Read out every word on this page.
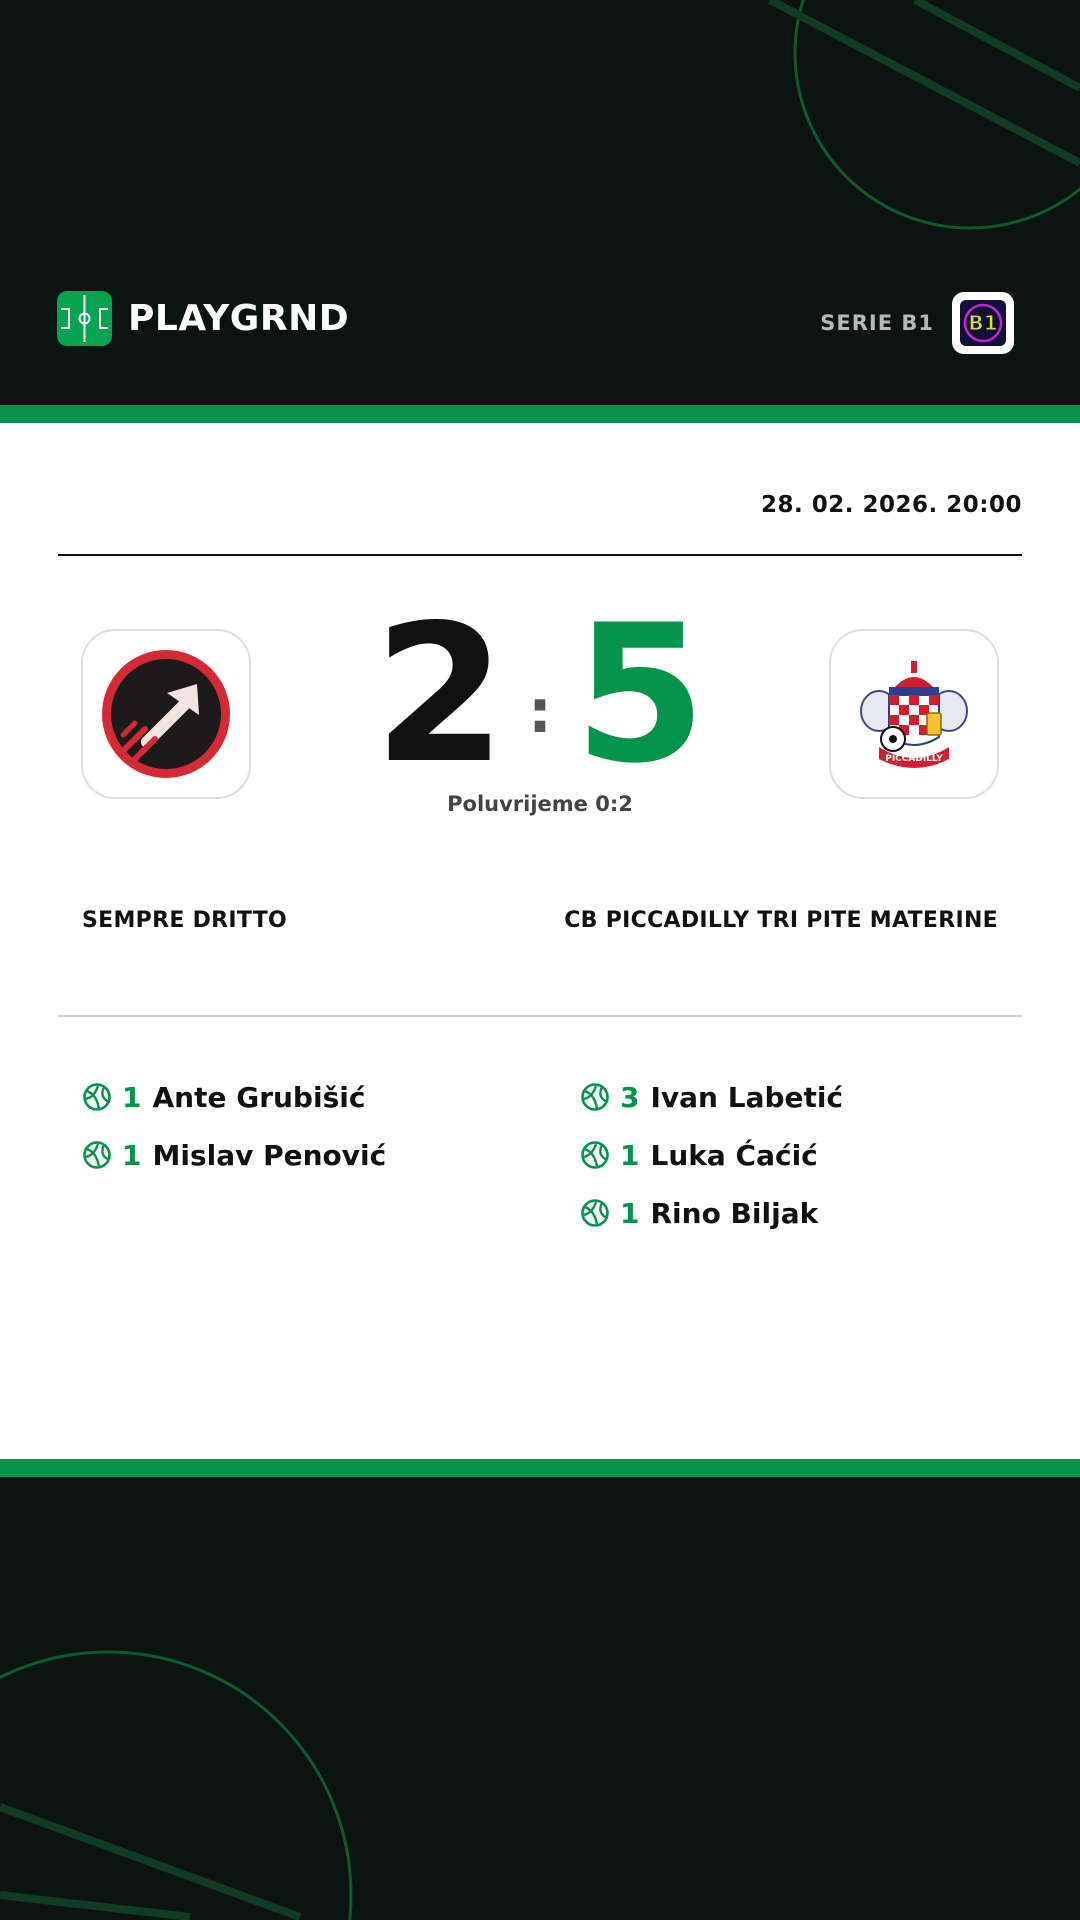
PLAYGRND	SERIE B1 B1
28. 02. 2026. 20:00
2 : 5
Poluvrijeme 0:2
PICCADILLY
SEMPRE DRITTO	CB PICCADILLY TRI PITE MATERINE
1 Ante Grubišić
1 Mislav Penović
3 Ivan Labetić
1 Luka Ćaćić
1 Rino Biljak
